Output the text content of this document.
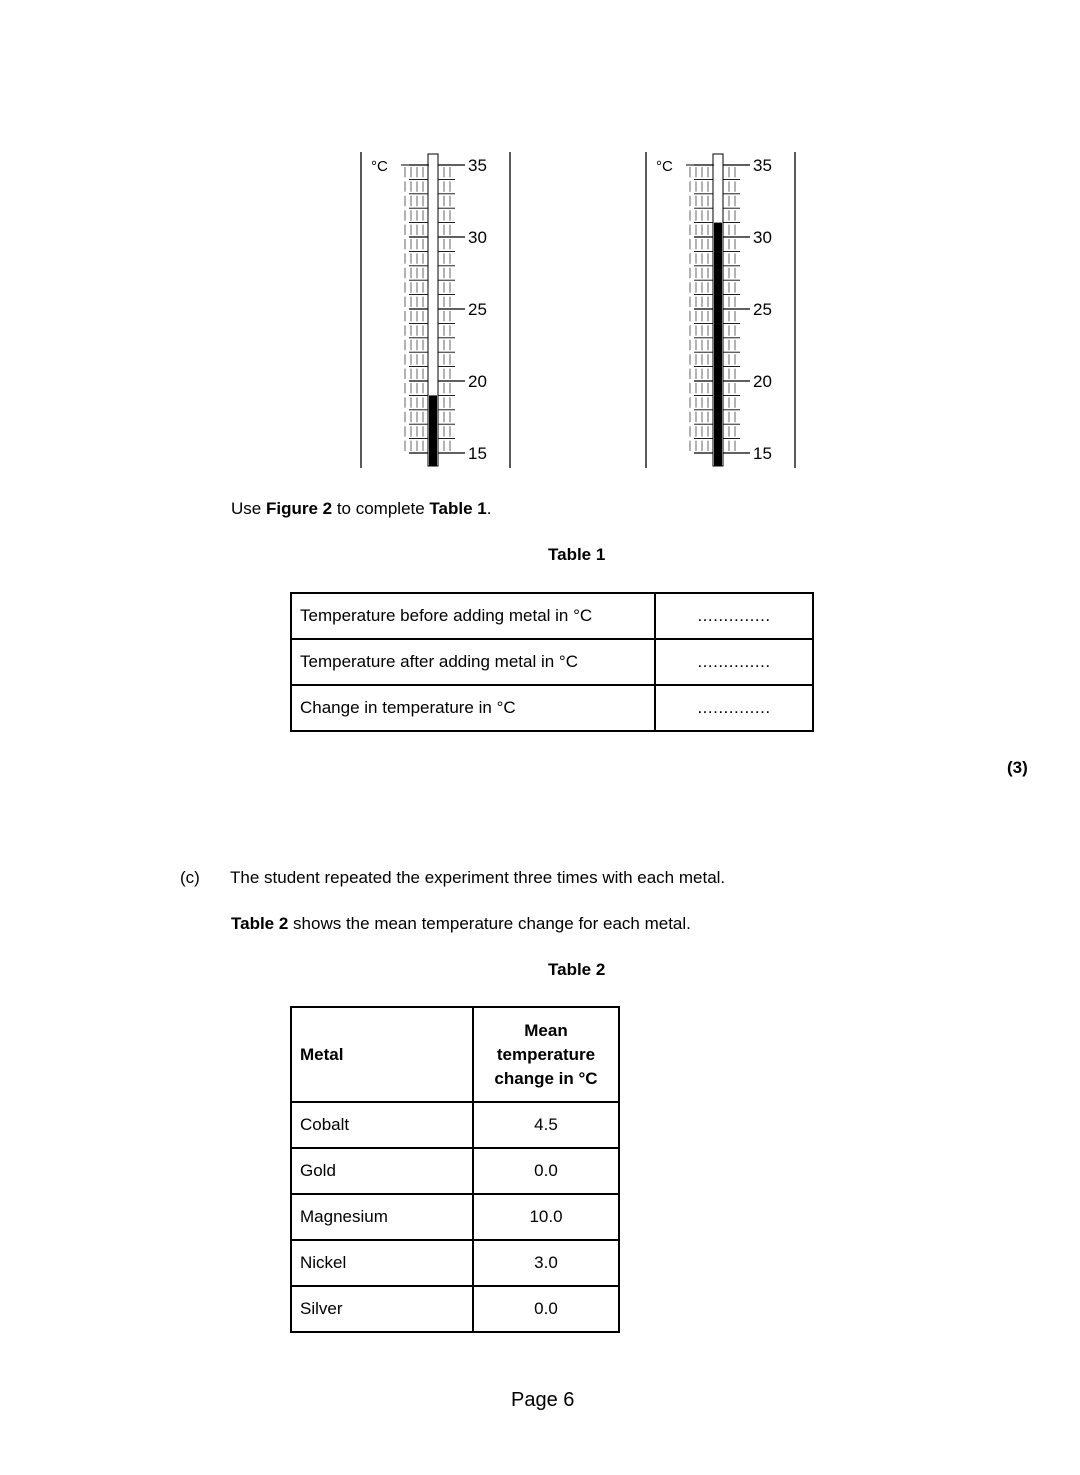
°C	35
30
25
20
15
°C	35
30
25
20
15
Use Figure 2 to complete Table 1.
Table 1
Temperature before adding metal in °C	..............
Temperature after adding metal in °C	..............
Change in temperature in °C	..............
(3)
(c) The student repeated the experiment three times with each metal.
Table 2 shows the mean temperature change for each metal.
Table 2
Metal	Mean temperature change in °C
Cobalt	4.5
Gold	0.0
Magnesium	10.0
Nickel	3.0
Silver	0.0
Page 6
